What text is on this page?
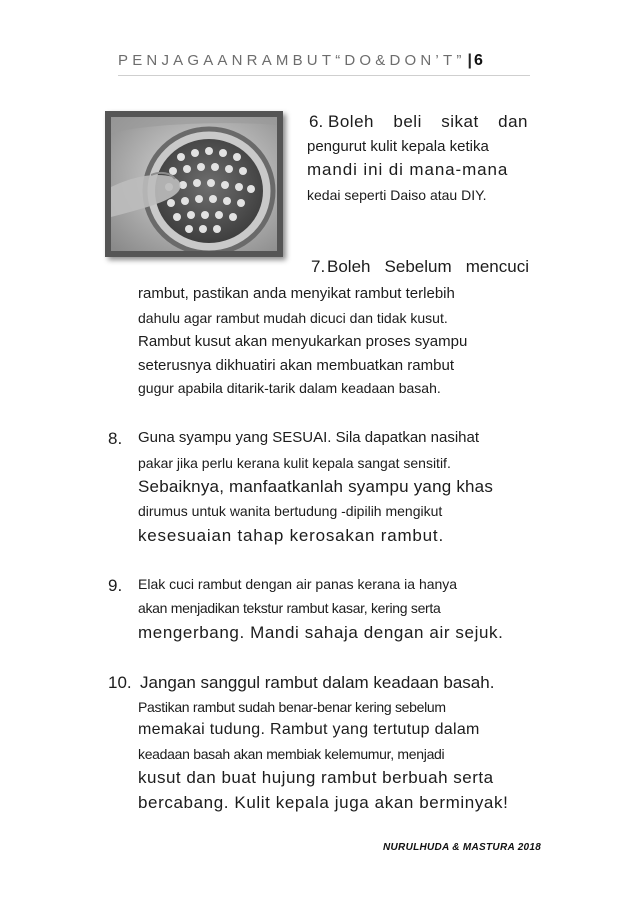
PENJAGAANRAMBUT“DO&DON’T” | 6
6. Boleh beli sikat dan
pengurut kulit kepala ketika
mandi ini di mana-mana
kedai seperti Daiso atau DIY.
7. Boleh Sebelum mencuci
rambut, pastikan anda menyikat rambut terlebih
dahulu agar rambut mudah dicuci dan tidak kusut.
Rambut kusut akan menyukarkan proses syampu
seterusnya dikhuatiri akan membuatkan rambut
gugur apabila ditarik-tarik dalam keadaan basah.
8. Guna syampu yang SESUAI. Sila dapatkan nasihat
pakar jika perlu kerana kulit kepala sangat sensitif.
Sebaiknya, manfaatkanlah syampu yang khas
dirumus untuk wanita bertudung -dipilih mengikut
kesesuaian tahap kerosakan rambut.
9. Elak cuci rambut dengan air panas kerana ia hanya
akan menjadikan tekstur rambut kasar, kering serta
mengerbang. Mandi sahaja dengan air sejuk.
10. Jangan sanggul rambut dalam keadaan basah.
Pastikan rambut sudah benar-benar kering sebelum
memakai tudung. Rambut yang tertutup dalam
keadaan basah akan membiak kelemumur, menjadi
kusut dan buat hujung rambut berbuah serta
bercabang. Kulit kepala juga akan berminyak!
NURULHUDA & MASTURA 2018
